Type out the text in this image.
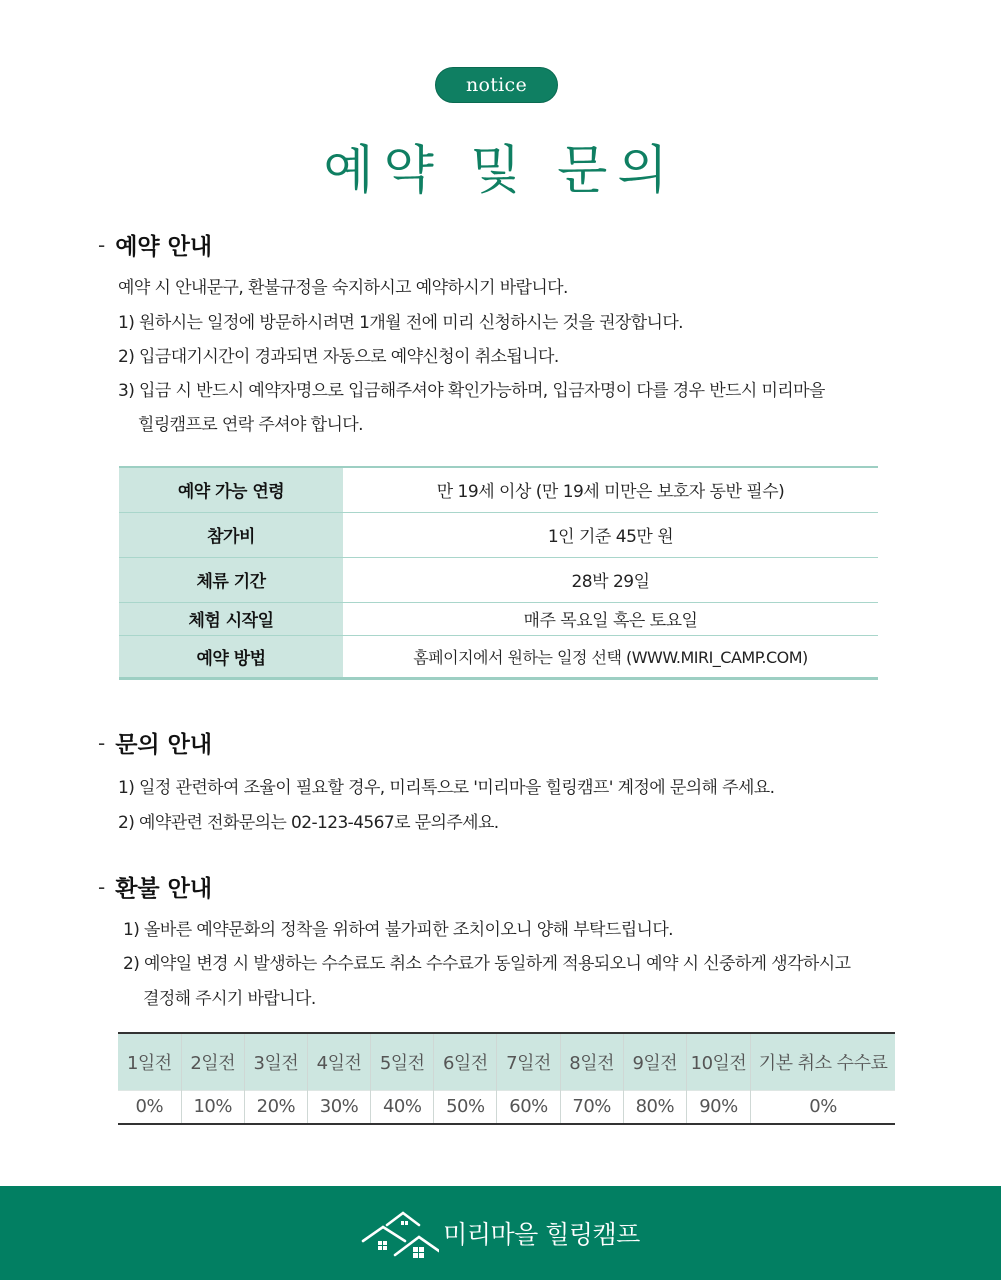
notice
예약 및 문의
- 예약 안내
예약 시 안내문구, 환불규정을 숙지하시고 예약하시기 바랍니다.
1) 원하시는 일정에 방문하시려면 1개월 전에 미리 신청하시는 것을 권장합니다.
2) 입금대기시간이 경과되면 자동으로 예약신청이 취소됩니다.
3) 입금 시 반드시 예약자명으로 입금해주셔야 확인가능하며, 입금자명이 다를 경우 반드시 미리마을
힐링캠프로 연락 주셔야 합니다.
예약 가능 연령	만 19세 이상 (만 19세 미만은 보호자 동반 필수)
참가비	1인 기준 45만 원
체류 기간	28박 29일
체험 시작일	매주 목요일 혹은 토요일
예약 방법	홈페이지에서 원하는 일정 선택 (WWW.MIRI_CAMP.COM)
- 문의 안내
1) 일정 관련하여 조율이 필요할 경우, 미리톡으로 '미리마을 힐링캠프' 계정에 문의해 주세요.
2) 예약관련 전화문의는 02-123-4567로 문의주세요.
- 환불 안내
1) 올바른 예약문화의 정착을 위하여 불가피한 조치이오니 양해 부탁드립니다.
2) 예약일 변경 시 발생하는 수수료도 취소 수수료가 동일하게 적용되오니 예약 시 신중하게 생각하시고
결정해 주시기 바랍니다.
1일전	2일전	3일전	4일전	5일전	6일전	7일전	8일전	9일전	10일전	기본 취소 수수료
0%	10%	20%	30%	40%	50%	60%	70%	80%	90%	0%
미리마을 힐링캠프
